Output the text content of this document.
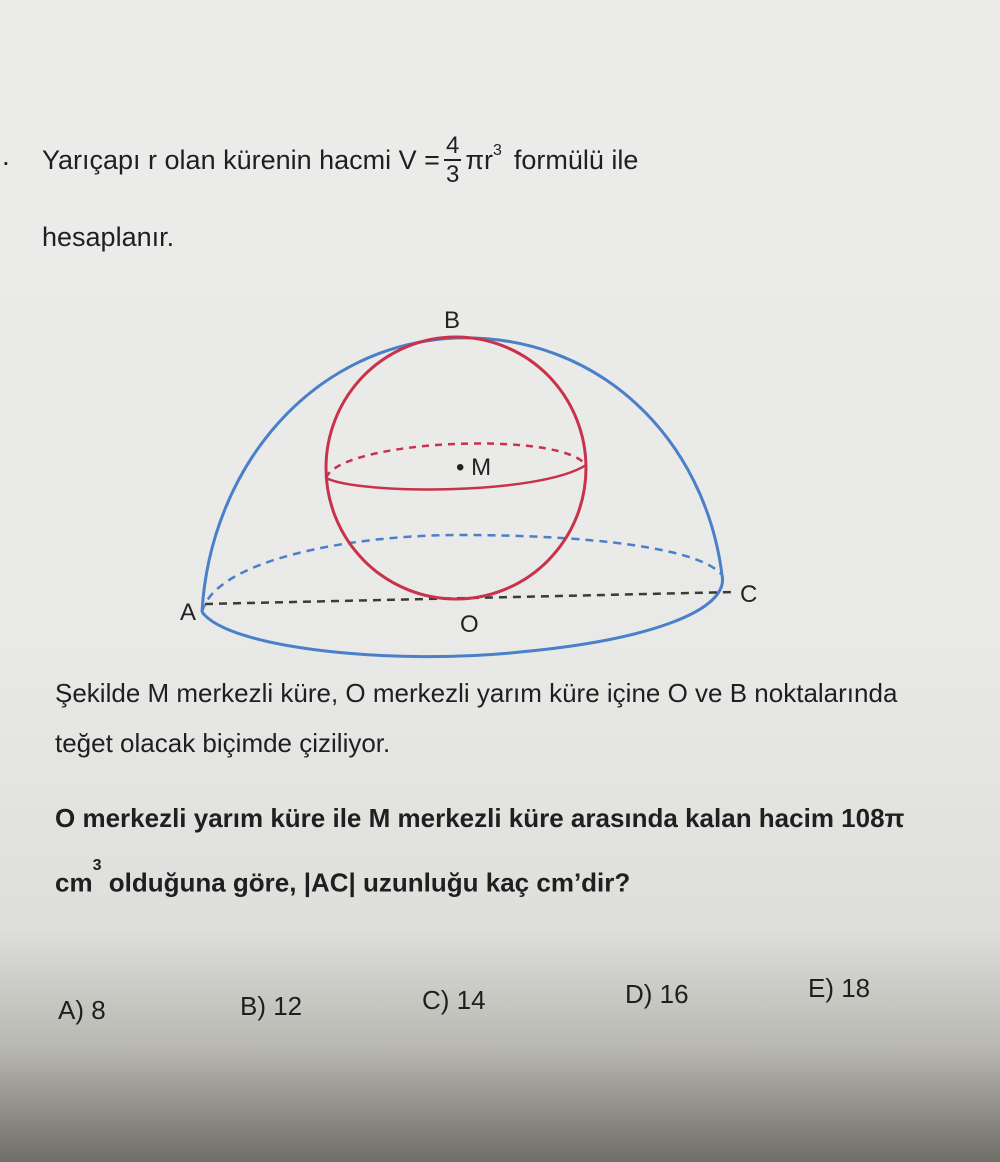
. Yarıçapı r olan kürenin hacmi $V = \frac{4}{3} \pi r^3$ formülü ile
hesaplanır.
B
• M
A
C
O
Şekilde M merkezli küre, O merkezli yarım küre içine O ve B noktalarında teğet olacak biçimde çiziliyor.
O merkezli yarım küre ile M merkezli küre arasında kalan hacim 108π $cm^3$ olduğuna göre, |AC| uzunluğu kaç cm’dir?
A) 8	B) 12	C) 14	D) 16	E) 18
